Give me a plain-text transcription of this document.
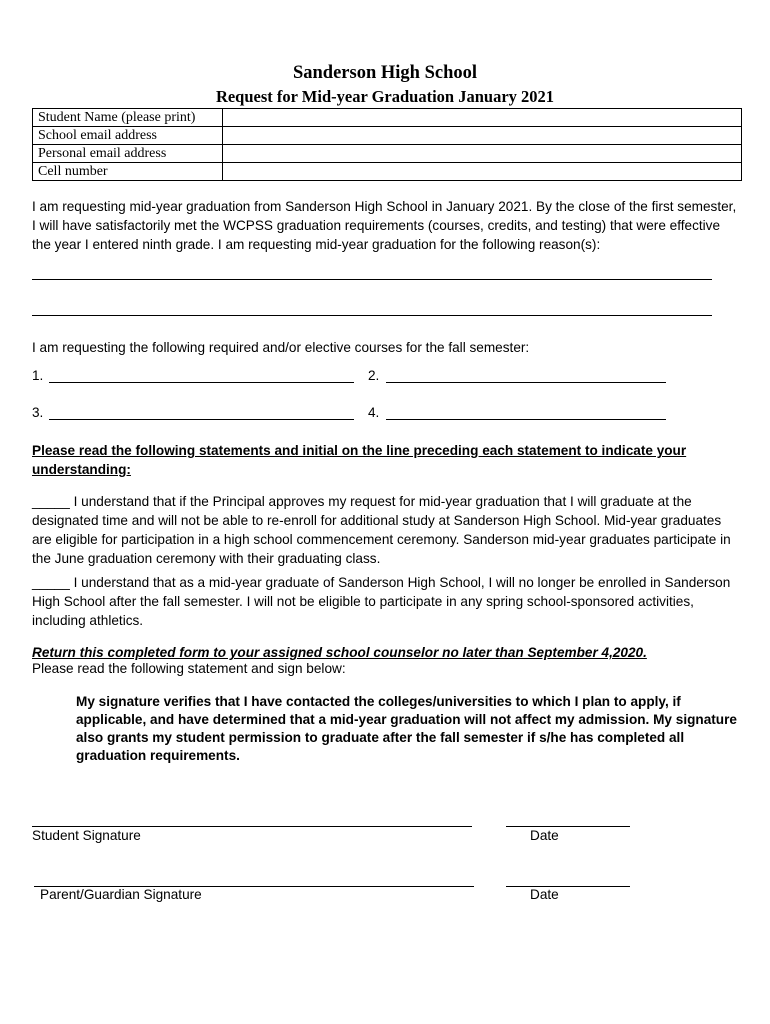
Sanderson High School
Request for Mid-year Graduation January 2021
Student Name (please print)	
School email address	
Personal email address	
Cell number	
I am requesting mid-year graduation from Sanderson High School in January 2021. By the close of the first semester, I will have satisfactorily met the WCPSS graduation requirements (courses, credits, and testing) that were effective the year I entered ninth grade. I am requesting mid-year graduation for the following reason(s):
I am requesting the following required and/or elective courses for the fall semester:
1.	2.
3.	4.
Please read the following statements and initial on the line preceding each statement to indicate your understanding:
_____ I understand that if the Principal approves my request for mid-year graduation that I will graduate at the designated time and will not be able to re-enroll for additional study at Sanderson High School. Mid-year graduates are eligible for participation in a high school commencement ceremony. Sanderson mid-year graduates participate in the June graduation ceremony with their graduating class.
_____ I understand that as a mid-year graduate of Sanderson High School, I will no longer be enrolled in Sanderson High School after the fall semester. I will not be eligible to participate in any spring school-sponsored activities, including athletics.
Return this completed form to your assigned school counselor no later than September 4,2020.
Please read the following statement and sign below:
My signature verifies that I have contacted the colleges/universities to which I plan to apply, if applicable, and have determined that a mid-year graduation will not affect my admission. My signature also grants my student permission to graduate after the fall semester if s/he has completed all graduation requirements.
Student Signature	Date
Parent/Guardian Signature	Date
